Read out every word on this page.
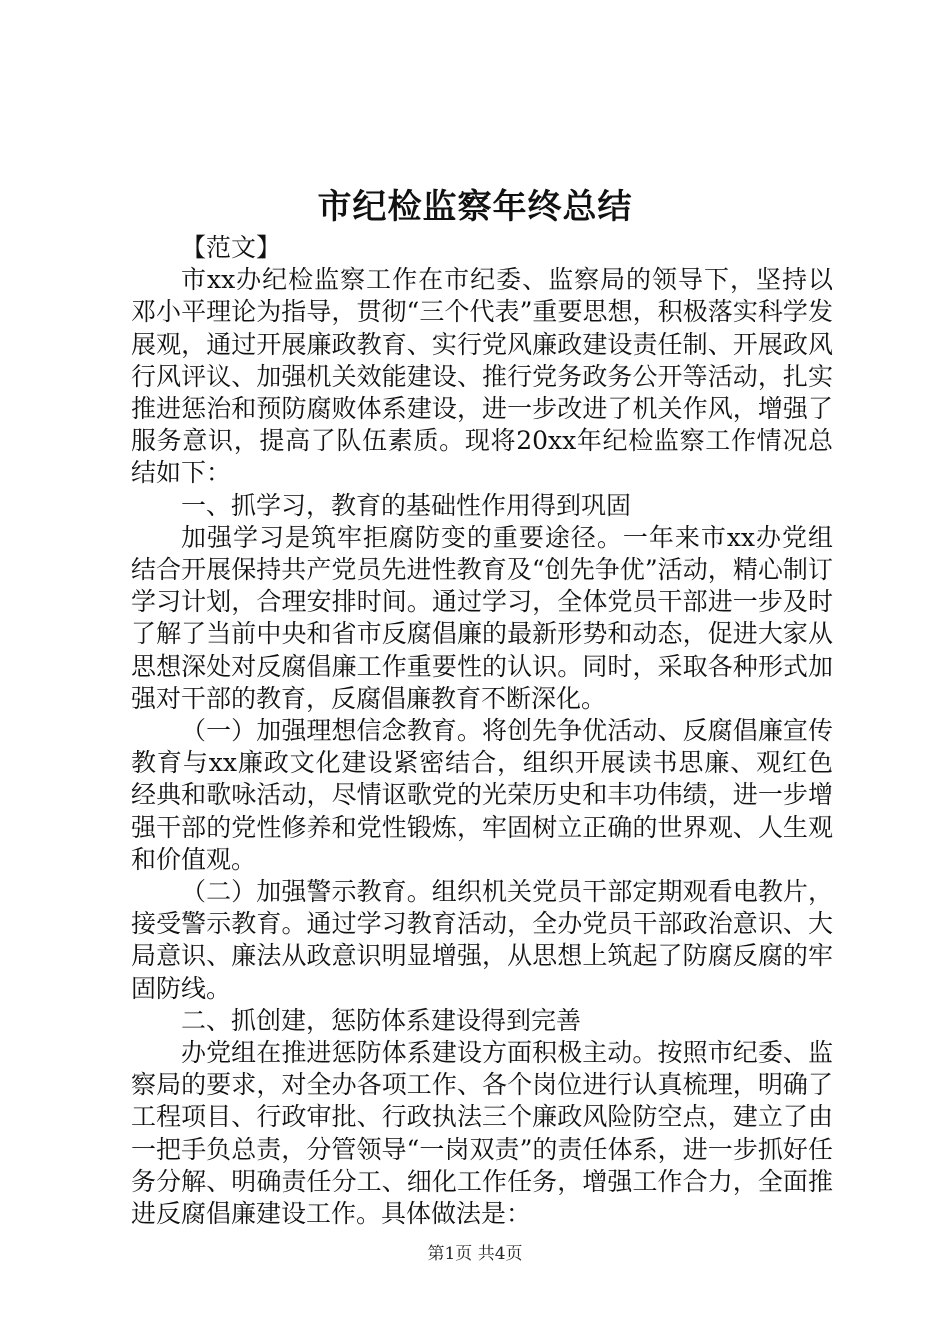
市纪检监察年终总结

【范文】

市xx办纪检监察工作在市纪委、监察局的领导下，坚持以邓小平理论为指导，贯彻“三个代表”重要思想，积极落实科学发展观，通过开展廉政教育、实行党风廉政建设责任制、开展政风行风评议、加强机关效能建设、推行党务政务公开等活动，扎实推进惩治和预防腐败体系建设，进一步改进了机关作风，增强了服务意识，提高了队伍素质。现将20xx年纪检监察工作情况总结如下：

一、抓学习，教育的基础性作用得到巩固

加强学习是筑牢拒腐防变的重要途径。一年来市xx办党组结合开展保持共产党员先进性教育及“创先争优”活动，精心制订学习计划，合理安排时间。通过学习，全体党员干部进一步及时了解了当前中央和省市反腐倡廉的最新形势和动态，促进大家从思想深处对反腐倡廉工作重要性的认识。同时，采取各种形式加强对干部的教育，反腐倡廉教育不断深化。

（一）加强理想信念教育。将创先争优活动、反腐倡廉宣传教育与xx廉政文化建设紧密结合，组织开展读书思廉、观红色经典和歌咏活动，尽情讴歌党的光荣历史和丰功伟绩，进一步增强干部的党性修养和党性锻炼，牢固树立正确的世界观、人生观和价值观。

（二）加强警示教育。组织机关党员干部定期观看电教片，接受警示教育。通过学习教育活动，全办党员干部政治意识、大局意识、廉法从政意识明显增强，从思想上筑起了防腐反腐的牢固防线。

二、抓创建，惩防体系建设得到完善

办党组在推进惩防体系建设方面积极主动。按照市纪委、监察局的要求，对全办各项工作、各个岗位进行认真梳理，明确了工程项目、行政审批、行政执法三个廉政风险防空点，建立了由一把手负总责，分管领导“一岗双责”的责任体系，进一步抓好任务分解、明确责任分工、细化工作任务，增强工作合力，全面推进反腐倡廉建设工作。具体做法是：

第1页 共4页
